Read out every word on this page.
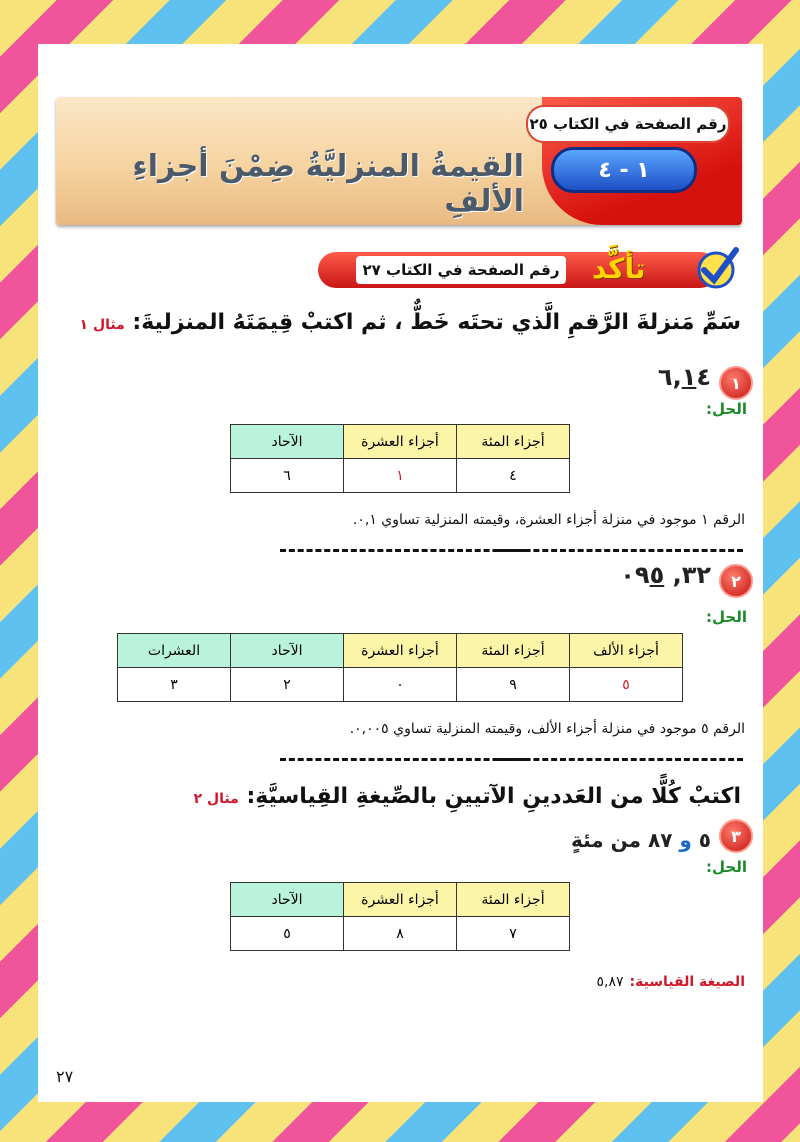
رقم الصفحة في الكتاب ٢٥
١ - ٤
القيمةُ المنزليَّةُ ضِمْنَ أجزاءِ الألفِ
رقم الصفحة في الكتاب ٢٧ تأكَّد
سَمِّ مَنزلةَ الرَّقمِ الَّذي تحتَه خَطٌّ ، ثم اكتبْ قِيمَتَهُ المنزليةَ: مثال ١
١
٦,١٤
الحل:
أجزاء المئة	أجزاء العشرة	الآحاد
٤	١	٦
الرقم ١ موجود في منزلة أجزاء العشرة، وقيمته المنزلية تساوي ٠,١.
٢
٣٢, ٠٩٥
الحل:
أجزاء الألف	أجزاء المئة	أجزاء العشرة	الآحاد	العشرات
٥	٩	٠	٢	٣
الرقم ٥ موجود في منزلة أجزاء الألف، وقيمته المنزلية تساوي ٠,٠٠٥.
اكتبْ كُلًّا من العَددينِ الآتيينِ بالصِّيغةِ القِياسيَّةِ: مثال ٢
٣
٥ و ٨٧ من مئةٍ
الحل:
أجزاء المئة	أجزاء العشرة	الآحاد
٧	٨	٥
الصيغة القياسية:٥,٨٧
٢٧
